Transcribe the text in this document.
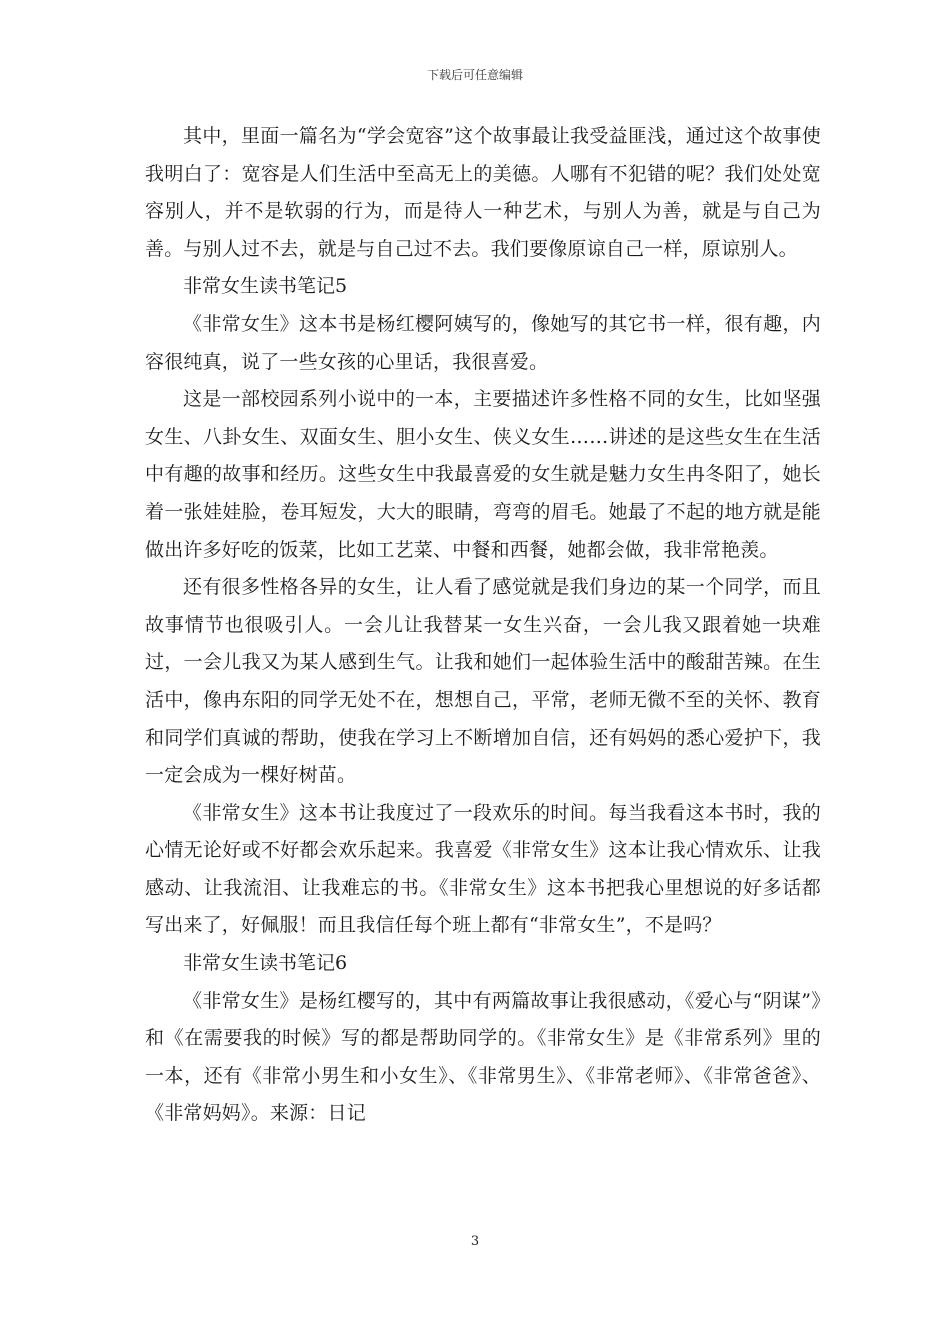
下载后可任意编辑

其中，里面一篇名为“学会宽容”这个故事最让我受益匪浅，通过这个故事使我明白了：宽容是人们生活中至高无上的美德。人哪有不犯错的呢？我们处处宽容别人，并不是软弱的行为，而是待人一种艺术，与别人为善，就是与自己为善。与别人过不去，就是与自己过不去。我们要像原谅自己一样，原谅别人。

非常女生读书笔记5

《非常女生》这本书是杨红樱阿姨写的，像她写的其它书一样，很有趣，内容很纯真，说了一些女孩的心里话，我很喜爱。

这是一部校园系列小说中的一本，主要描述许多性格不同的女生，比如坚强女生、八卦女生、双面女生、胆小女生、侠义女生……讲述的是这些女生在生活中有趣的故事和经历。这些女生中我最喜爱的女生就是魅力女生冉冬阳了，她长着一张娃娃脸，卷耳短发，大大的眼睛，弯弯的眉毛。她最了不起的地方就是能做出许多好吃的饭菜，比如工艺菜、中餐和西餐，她都会做，我非常艳羡。

还有很多性格各异的女生，让人看了感觉就是我们身边的某一个同学，而且故事情节也很吸引人。一会儿让我替某一女生兴奋，一会儿我又跟着她一块难过，一会儿我又为某人感到生气。让我和她们一起体验生活中的酸甜苦辣。在生活中，像冉东阳的同学无处不在，想想自己，平常，老师无微不至的关怀、教育和同学们真诚的帮助，使我在学习上不断增加自信，还有妈妈的悉心爱护下，我一定会成为一棵好树苗。

《非常女生》这本书让我度过了一段欢乐的时间。每当我看这本书时，我的心情无论好或不好都会欢乐起来。我喜爱《非常女生》这本让我心情欢乐、让我感动、让我流泪、让我难忘的书。《非常女生》这本书把我心里想说的好多话都写出来了，好佩服！而且我信任每个班上都有“非常女生”，不是吗？

非常女生读书笔记6

《非常女生》是杨红樱写的，其中有两篇故事让我很感动，《爱心与“阴谋”》和《在需要我的时候》写的都是帮助同学的。《非常女生》是《非常系列》里的一本，还有《非常小男生和小女生》、《非常男生》、《非常老师》、《非常爸爸》、《非常妈妈》。来源：日记

3
